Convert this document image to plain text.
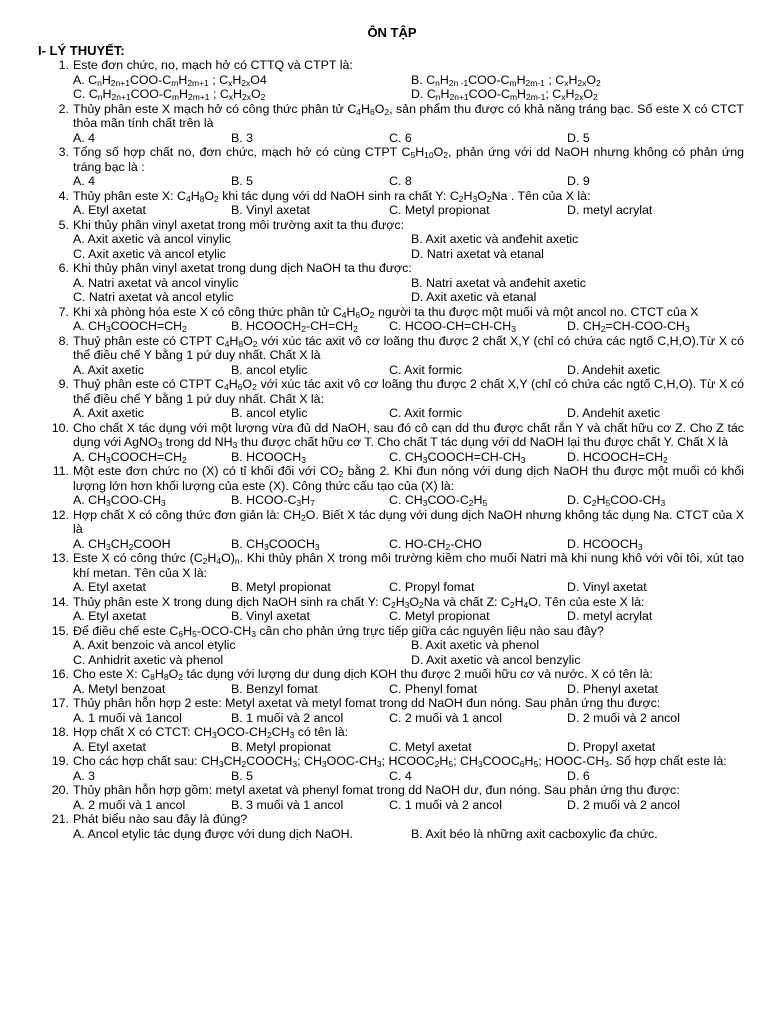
ÔN TẬP
I- LÝ THUYẾT:
1. Este đơn chức, no, mạch hở có CTTQ và CTPT là:
A. $C_nH_{2n+1}COO-C_mH_{2m+1}$ ; $C_xH_{2x}O4$	B. $C_nH_{2n -1}COO-C_mH_{2m-1}$ ; $C_xH_{2x}O_2$
C. $C_nH_{2n+1}COO-C_mH_{2m+1}$ ; $C_xH_{2x}O_2$	D. $C_nH_{2n+1}COO-C_mH_{2m-1}$; $C_xH_{2x}O_2$
2. Thủy phân este X mạch hở có công thức phân tử $C_4H_6O_2$, sản phẩm thu được có khả năng tráng bạc. Số este X có CTCT thỏa mãn tính chất trên là
A. 4	B. 3	C. 6	D. 5
3. Tổng số hợp chất no, đơn chức, mạch hở có cùng CTPT $C_5H_{10}O_2$, phản ứng với dd NaOH nhưng không có phản ứng tráng bạc là :
A. 4	B. 5	C. 8	D. 9
4. Thủy phân este X: $C_4H_8O_2$ khi tác dụng với dd NaOH sinh ra chất Y: $C_2H_3O_2Na$ . Tên của X là:
A. Etyl axetat	B. Vinyl axetat	C. Metyl propionat	D. metyl acrylat
5. Khi thủy phân vinyl axetat trong môi trường axit ta thu được:
A. Axit axetic và ancol vinylic	B. Axit axetic và anđehit axetic
C. Axit axetic và ancol etylic	D. Natri axetat và etanal
6. Khi thủy phân vinyl axetat trong dung dịch NaOH ta thu được:
A. Natri axetat và ancol vinylic	B. Natri axetat và anđehit axetic
C. Natri axetat và ancol etylic	D. Axit axetic và etanal
7. Khi xà phòng hóa este X có công thức phân tử $C_4H_6O_2$ người ta thu được một muối và một ancol no. CTCT của X
A. $CH_3COOCH=CH_2$	B. $HCOOCH_2-CH=CH_2$	C. HCOO-$CH=CH-CH_3$	D. $CH_2=CH-COO-CH_3$
8. Thuỷ phân este có CTPT $C_4H_8O_2$ với xúc tác axit vô cơ loãng thu được 2 chất X,Y (chỉ có chứa các ngtố C,H,O).Từ X có thể điều chế Y bằng 1 pứ duy nhất. Chất X là
A. Axit axetic	B. ancol etylic	C. Axit formic	D. Andehit axetic
9. Thuỷ phân este có CTPT $C_4H_6O_2$ với xúc tác axit vô cơ loãng thu được 2 chất X,Y (chỉ có chứa các ngtố C,H,O). Từ X có thể điều chế Y bằng 1 pứ duy nhất. Chất X là:
A. Axit axetic	B. ancol etylic	C. Axit formic	D. Andehit axetic
10. Cho chất X tác dụng với một lượng vừa đủ dd NaOH, sau đó cô cạn dd thu được chất rắn Y và chất hữu cơ Z. Cho Z tác dụng với AgNO$_3$ trong dd $NH_3$ thu được chất hữu cơ T. Cho chất T tác dụng với dd NaOH lại thu được chất Y. Chất X là
A. $CH_3COOCH=CH_2$	B. $HCOOCH_3$	C. $CH_3COOCH=CH-CH_3$	D. $HCOOCH=CH_2$
11. Một este đơn chức no (X) có tỉ khối đối với $CO_2$ bằng 2. Khi đun nóng với dung dịch NaOH thu được một muối có khối lượng lớn hơn khối lượng của este (X). Công thức cấu tạo của (X) là:
A. $CH_3COO-CH_3$	B. HCOO-$C_3H_7$	C. $CH_3COO-C_2H_5$	D. $C_2H_5COO-CH_3$
12. Hợp chất X có công thức đơn giản là: $CH_2O$. Biết X tác dụng với dung dịch NaOH nhưng không tác dụng Na. CTCT của X là
A. $CH_3CH_2COOH$	B. $CH_3COOCH_3$	C. $HO-CH_2$-CHO	D. $HCOOCH_3$
13. Este X có công thức $(C_2H_4O)_n$. Khi thủy phân X trong môi trường kiềm cho muối Natri mà khi nung khô với vôi tôi, xút tạo khí metan. Tên của X là:
A. Etyl axetat	B. Metyl propionat	C. Propyl fomat	D. Vinyl axetat
14. Thủy phân este X trong dung dịch NaOH sinh ra chất Y: $C_2H_3O_2Na$ và chất Z: $C_2H_4O$. Tên của este X là:
A. Etyl axetat	B. Vinyl axetat	C. Metyl propionat	D. metyl acrylat
15. Để điều chế este $C_6H_5-OCO-CH_3$ cần cho phản ứng trực tiếp giữa các nguyên liệu nào sau đây?
A. Axit benzoic và ancol etylic	B. Axit axetic và phenol
C. Anhidrit axetic và phenol	D. Axit axetic và ancol benzylic
16. Cho este X: $C_8H_8O_2$ tác dụng với lượng dư dung dịch KOH thu được 2 muối hữu cơ và nước. X có tên là:
A. Metyl benzoat	B. Benzyl fomat	C. Phenyl fomat	D. Phenyl axetat
17. Thủy phân hỗn hợp 2 este: Metyl axetat và metyl fomat trong dd NaOH đun nóng. Sau phản ứng thu được:
A. 1 muối và 1ancol	B. 1 muối và 2 ancol	C. 2 muối và 1 ancol	D. 2 muối và 2 ancol
18. Hợp chất X có CTCT: $CH_3OCO-CH_2CH_3$ có tên là:
A. Etyl axetat	B. Metyl propionat	C. Metyl axetat	D. Propyl axetat
19. Cho các hợp chất sau: $CH_3CH_2COOCH_3$; $CH_3OOC-CH_3$; $HCOOC_2H_5$; $CH_3COOC_6H_5$; HOOC-$CH_3$. Số hợp chất este là:
A. 3	B. 5	C. 4	D. 6
20. Thủy phân hỗn hợp gồm: metyl axetat và phenyl fomat trong dd NaOH dư, đun nóng. Sau phản ứng thu được:
A. 2 muối và 1 ancol	B. 3 muối và 1 ancol	C. 1 muối và 2 ancol	D. 2 muối và 2 ancol
21. Phát biểu nào sau đây là đúng?
A. Ancol etylic tác dụng được với dung dịch NaOH.	B. Axit béo là những axit cacboxylic đa chức.
